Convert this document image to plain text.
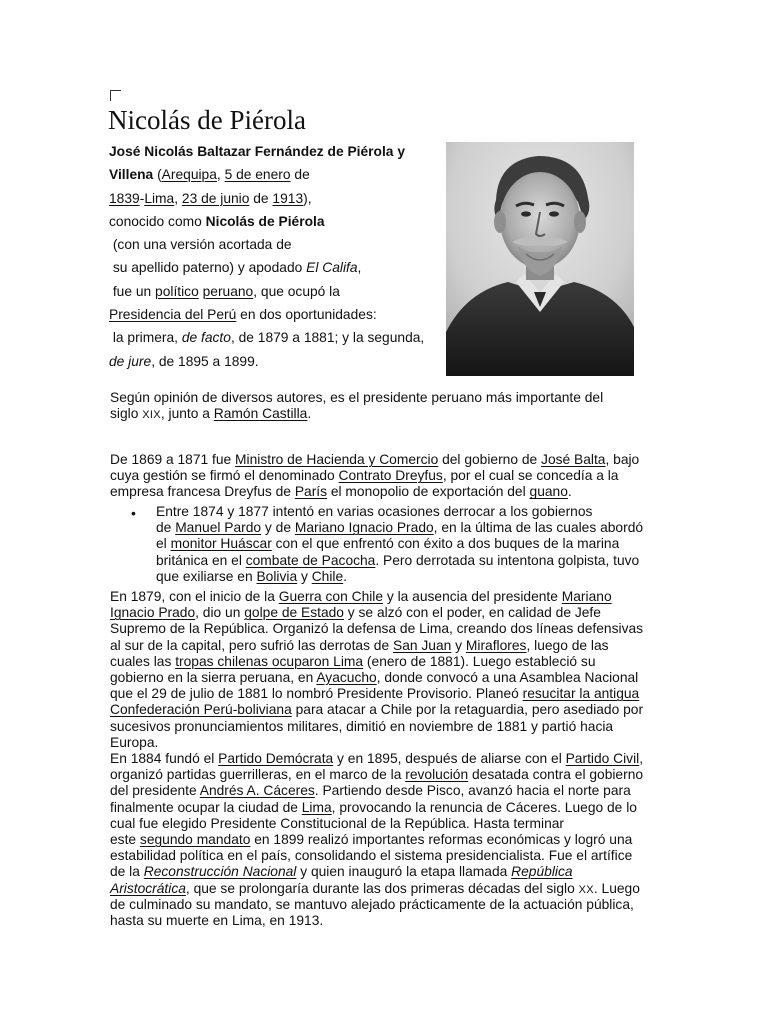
Nicolás de Piérola
José Nicolás Baltazar Fernández de Piérola y
Villena (Arequipa, 5 de enero de
1839-Lima, 23 de junio de 1913),
conocido como Nicolás de Piérola
(con una versión acortada de
su apellido paterno) y apodado El Califa,
fue un político peruano, que ocupó la
Presidencia del Perú en dos oportunidades:
la primera, de facto, de 1879 a 1881; y la segunda,
de jure, de 1895 a 1899.
Según opinión de diversos autores, es el presidente peruano más importante del
siglo XIX, junto a Ramón Castilla.
De 1869 a 1871 fue Ministro de Hacienda y Comercio del gobierno de José Balta, bajo
cuya gestión se firmó el denominado Contrato Dreyfus, por el cual se concedía a la
empresa francesa Dreyfus de París el monopolio de exportación del guano.
• Entre 1874 y 1877 intentó en varias ocasiones derrocar a los gobiernos
de Manuel Pardo y de Mariano Ignacio Prado, en la última de las cuales abordó
el monitor Huáscar con el que enfrentó con éxito a dos buques de la marina
británica en el combate de Pacocha. Pero derrotada su intentona golpista, tuvo
que exiliarse en Bolivia y Chile.
En 1879, con el inicio de la Guerra con Chile y la ausencia del presidente Mariano
Ignacio Prado, dio un golpe de Estado y se alzó con el poder, en calidad de Jefe
Supremo de la República. Organizó la defensa de Lima, creando dos líneas defensivas
al sur de la capital, pero sufrió las derrotas de San Juan y Miraflores, luego de las
cuales las tropas chilenas ocuparon Lima (enero de 1881). Luego estableció su
gobierno en la sierra peruana, en Ayacucho, donde convocó a una Asamblea Nacional
que el 29 de julio de 1881 lo nombró Presidente Provisorio. Planeó resucitar la antigua
Confederación Perú-boliviana para atacar a Chile por la retaguardia, pero asediado por
sucesivos pronunciamientos militares, dimitió en noviembre de 1881 y partió hacia
Europa.
En 1884 fundó el Partido Demócrata y en 1895, después de aliarse con el Partido Civil,
organizó partidas guerrilleras, en el marco de la revolución desatada contra el gobierno
del presidente Andrés A. Cáceres. Partiendo desde Pisco, avanzó hacia el norte para
finalmente ocupar la ciudad de Lima, provocando la renuncia de Cáceres. Luego de lo
cual fue elegido Presidente Constitucional de la República. Hasta terminar
este segundo mandato en 1899 realizó importantes reformas económicas y logró una
estabilidad política en el país, consolidando el sistema presidencialista. Fue el artífice
de la Reconstrucción Nacional y quien inauguró la etapa llamada República
Aristocrática, que se prolongaría durante las dos primeras décadas del siglo XX. Luego
de culminado su mandato, se mantuvo alejado prácticamente de la actuación pública,
hasta su muerte en Lima, en 1913.
